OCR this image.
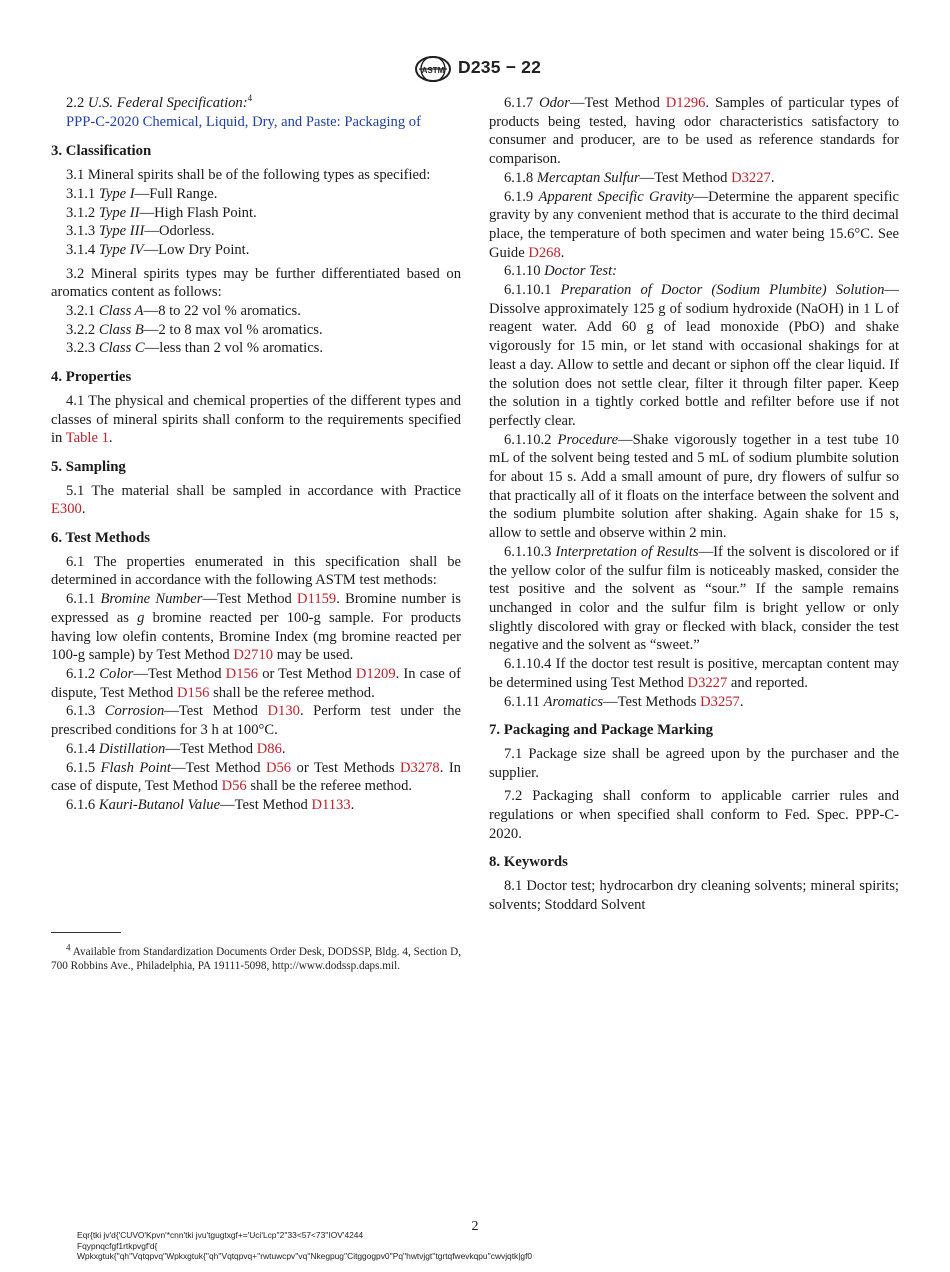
ASTM D235 − 22

2.2 U.S. Federal Specification:$^4$

PPP-C-2020 Chemical, Liquid, Dry, and Paste: Packaging of

3. Classification

3.1 Mineral spirits shall be of the following types as specified:

3.1.1 Type I—Full Range.

3.1.2 Type II—High Flash Point.

3.1.3 Type III—Odorless.

3.1.4 Type IV—Low Dry Point.

3.2 Mineral spirits types may be further differentiated based on aromatics content as follows:

3.2.1 Class A—8 to 22 vol % aromatics.

3.2.2 Class B—2 to 8 max vol % aromatics.

3.2.3 Class C—less than 2 vol % aromatics.

4. Properties

4.1 The physical and chemical properties of the different types and classes of mineral spirits shall conform to the requirements specified in Table 1.

5. Sampling

5.1 The material shall be sampled in accordance with Practice E300.

6. Test Methods

6.1 The properties enumerated in this specification shall be determined in accordance with the following ASTM test methods:

6.1.1 Bromine Number—Test Method D1159. Bromine number is expressed as g bromine reacted per 100-g sample. For products having low olefin contents, Bromine Index (mg bromine reacted per 100-g sample) by Test Method D2710 may be used.

6.1.2 Color—Test Method D156 or Test Method D1209. In case of dispute, Test Method D156 shall be the referee method.

6.1.3 Corrosion—Test Method D130. Perform test under the prescribed conditions for 3 h at 100°C.

6.1.4 Distillation—Test Method D86.

6.1.5 Flash Point—Test Method D56 or Test Methods D3278. In case of dispute, Test Method D56 shall be the referee method.

6.1.6 Kauri-Butanol Value—Test Method D1133.

6.1.7 Odor—Test Method D1296. Samples of particular types of products being tested, having odor characteristics satisfactory to consumer and producer, are to be used as reference standards for comparison.

6.1.8 Mercaptan Sulfur—Test Method D3227.

6.1.9 Apparent Specific Gravity—Determine the apparent specific gravity by any convenient method that is accurate to the third decimal place, the temperature of both specimen and water being 15.6°C. See Guide D268.

6.1.10 Doctor Test:

6.1.10.1 Preparation of Doctor (Sodium Plumbite) Solution—Dissolve approximately 125 g of sodium hydroxide (NaOH) in 1 L of reagent water. Add 60 g of lead monoxide (PbO) and shake vigorously for 15 min, or let stand with occasional shakings for at least a day. Allow to settle and decant or siphon off the clear liquid. If the solution does not settle clear, filter it through filter paper. Keep the solution in a tightly corked bottle and refilter before use if not perfectly clear.

6.1.10.2 Procedure—Shake vigorously together in a test tube 10 mL of the solvent being tested and 5 mL of sodium plumbite solution for about 15 s. Add a small amount of pure, dry flowers of sulfur so that practically all of it floats on the interface between the solvent and the sodium plumbite solution after shaking. Again shake for 15 s, allow to settle and observe within 2 min.

6.1.10.3 Interpretation of Results—If the solvent is discolored or if the yellow color of the sulfur film is noticeably masked, consider the test positive and the solvent as “sour.” If the sample remains unchanged in color and the sulfur film is bright yellow or only slightly discolored with gray or flecked with black, consider the test negative and the solvent as “sweet.”

6.1.10.4 If the doctor test result is positive, mercaptan content may be determined using Test Method D3227 and reported.

6.1.11 Aromatics—Test Methods D3257.

7. Packaging and Package Marking

7.1 Package size shall be agreed upon by the purchaser and the supplier.

7.2 Packaging shall conform to applicable carrier rules and regulations or when specified shall conform to Fed. Spec. PPP-C-2020.

8. Keywords

8.1 Doctor test; hydrocarbon dry cleaning solvents; mineral spirits; solvents; Stoddard Solvent

$^4$ Available from Standardization Documents Order Desk, DODSSP, Bldg. 4, Section D, 700 Robbins Ave., Philadelphia, PA 19111-5098, http://www.dodssp.daps.mil.
2
Eqr{tki jv'd{'CUVO'Kpvn'*cnn'tki jvu'tgugtxgf+='Uci'Lcp''2''33<57<73''IOV'4244
Fqypnqcfgf1rtkpvgf'd{
Wpkxgtuk{''qh''Vqtqpvq''Wpkxgtuk{''qh''Vqtqpvq+''rwtuwcpv''vq''Nkegpug''Citggogpv0''Pq''hwtvjgt''tgrtqfwevkqpu''cwvjqtk|gf0
